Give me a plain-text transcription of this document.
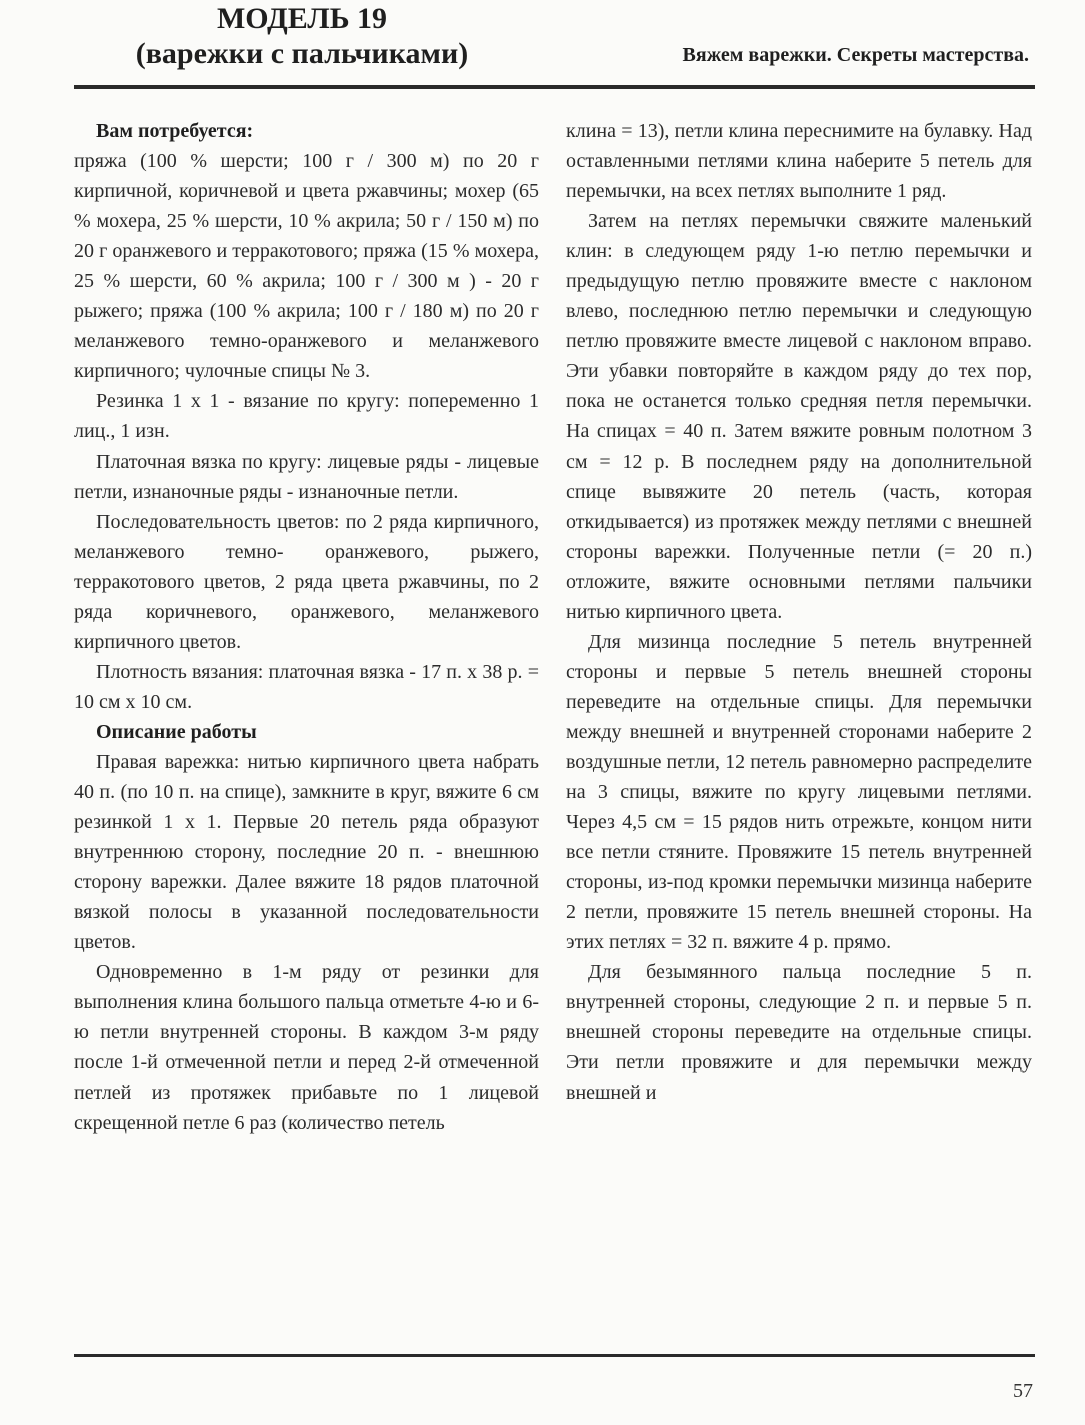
МОДЕЛЬ 19
(варежки с пальчиками)	Вяжем варежки. Секреты мастерства.
Вам потребуется:

пряжа (100 % шерсти; 100 г / 300 м) по 20 г кирпичной, коричневой и цвета ржавчины; мохер (65 % мохера, 25 % шерсти, 10 % акрила; 50 г / 150 м) по 20 г оранжевого и терракотового; пряжа (15 % мохера, 25 % шерсти, 60 % акрила; 100 г / 300 м ) - 20 г рыжего; пряжа (100 % акрила; 100 г / 180 м) по 20 г меланжевого темно-оранжевого и меланжевого кирпичного; чулочные спицы № 3.

Резинка 1 х 1 - вязание по кругу: попеременно 1 лиц., 1 изн.

Платочная вязка по кругу: лицевые ряды - лицевые петли, изнаночные ряды - изнаночные петли.

Последовательность цветов: по 2 ряда кирпичного, меланжевого темно- оранжевого, рыжего, терракотового цветов, 2 ряда цвета ржавчины, по 2 ряда коричневого, оранжевого, меланжевого кирпичного цветов.

Плотность вязания: платочная вязка - 17 п. х 38 р. = 10 см х 10 см.

Описание работы

Правая варежка: нитью кирпичного цвета набрать 40 п. (по 10 п. на спице), замкните в круг, вяжите 6 см резинкой 1 х 1. Первые 20 петель ряда образуют внутреннюю сторону, последние 20 п. - внешнюю сторону варежки. Далее вяжите 18 рядов платочной вязкой полосы в указанной последовательности цветов.

Одновременно в 1-м ряду от резинки для выполнения клина большого пальца отметьте 4-ю и 6-ю петли внутренней стороны. В каждом 3-м ряду после 1-й отмеченной петли и перед 2-й отмеченной петлей из протяжек прибавьте по 1 лицевой скрещенной петле 6 раз (количество петель

клина = 13), петли клина переснимите на булавку. Над оставленными петлями клина наберите 5 петель для перемычки, на всех петлях выполните 1 ряд.

Затем на петлях перемычки свяжите маленький клин: в следующем ряду 1-ю петлю перемычки и предыдущую петлю провяжите вместе с наклоном влево, последнюю петлю перемычки и следующую петлю провяжите вместе лицевой с наклоном вправо. Эти убавки повторяйте в каждом ряду до тех пор, пока не останется только средняя петля перемычки. На спицах = 40 п. Затем вяжите ровным полотном 3 см = 12 р. В последнем ряду на дополнительной спице вывяжите 20 петель (часть, которая откидывается) из протяжек между петлями с внешней стороны варежки. Полученные петли (= 20 п.) отложите, вяжите основными петлями пальчики нитью кирпичного цвета.

Для мизинца последние 5 петель внутренней стороны и первые 5 петель внешней стороны переведите на отдельные спицы. Для перемычки между внешней и внутренней сторонами наберите 2 воздушные петли, 12 петель равномерно распределите на 3 спицы, вяжите по кругу лицевыми петлями. Через 4,5 см = 15 рядов нить отрежьте, концом нити все петли стяните. Провяжите 15 петель внутренней стороны, из-под кромки перемычки мизинца наберите 2 петли, провяжите 15 петель внешней стороны. На этих петлях = 32 п. вяжите 4 р. прямо.

Для безымянного пальца последние 5 п. внутренней стороны, следующие 2 п. и первые 5 п. внешней стороны переведите на отдельные спицы. Эти петли провяжите и для перемычки между внешней и

57
